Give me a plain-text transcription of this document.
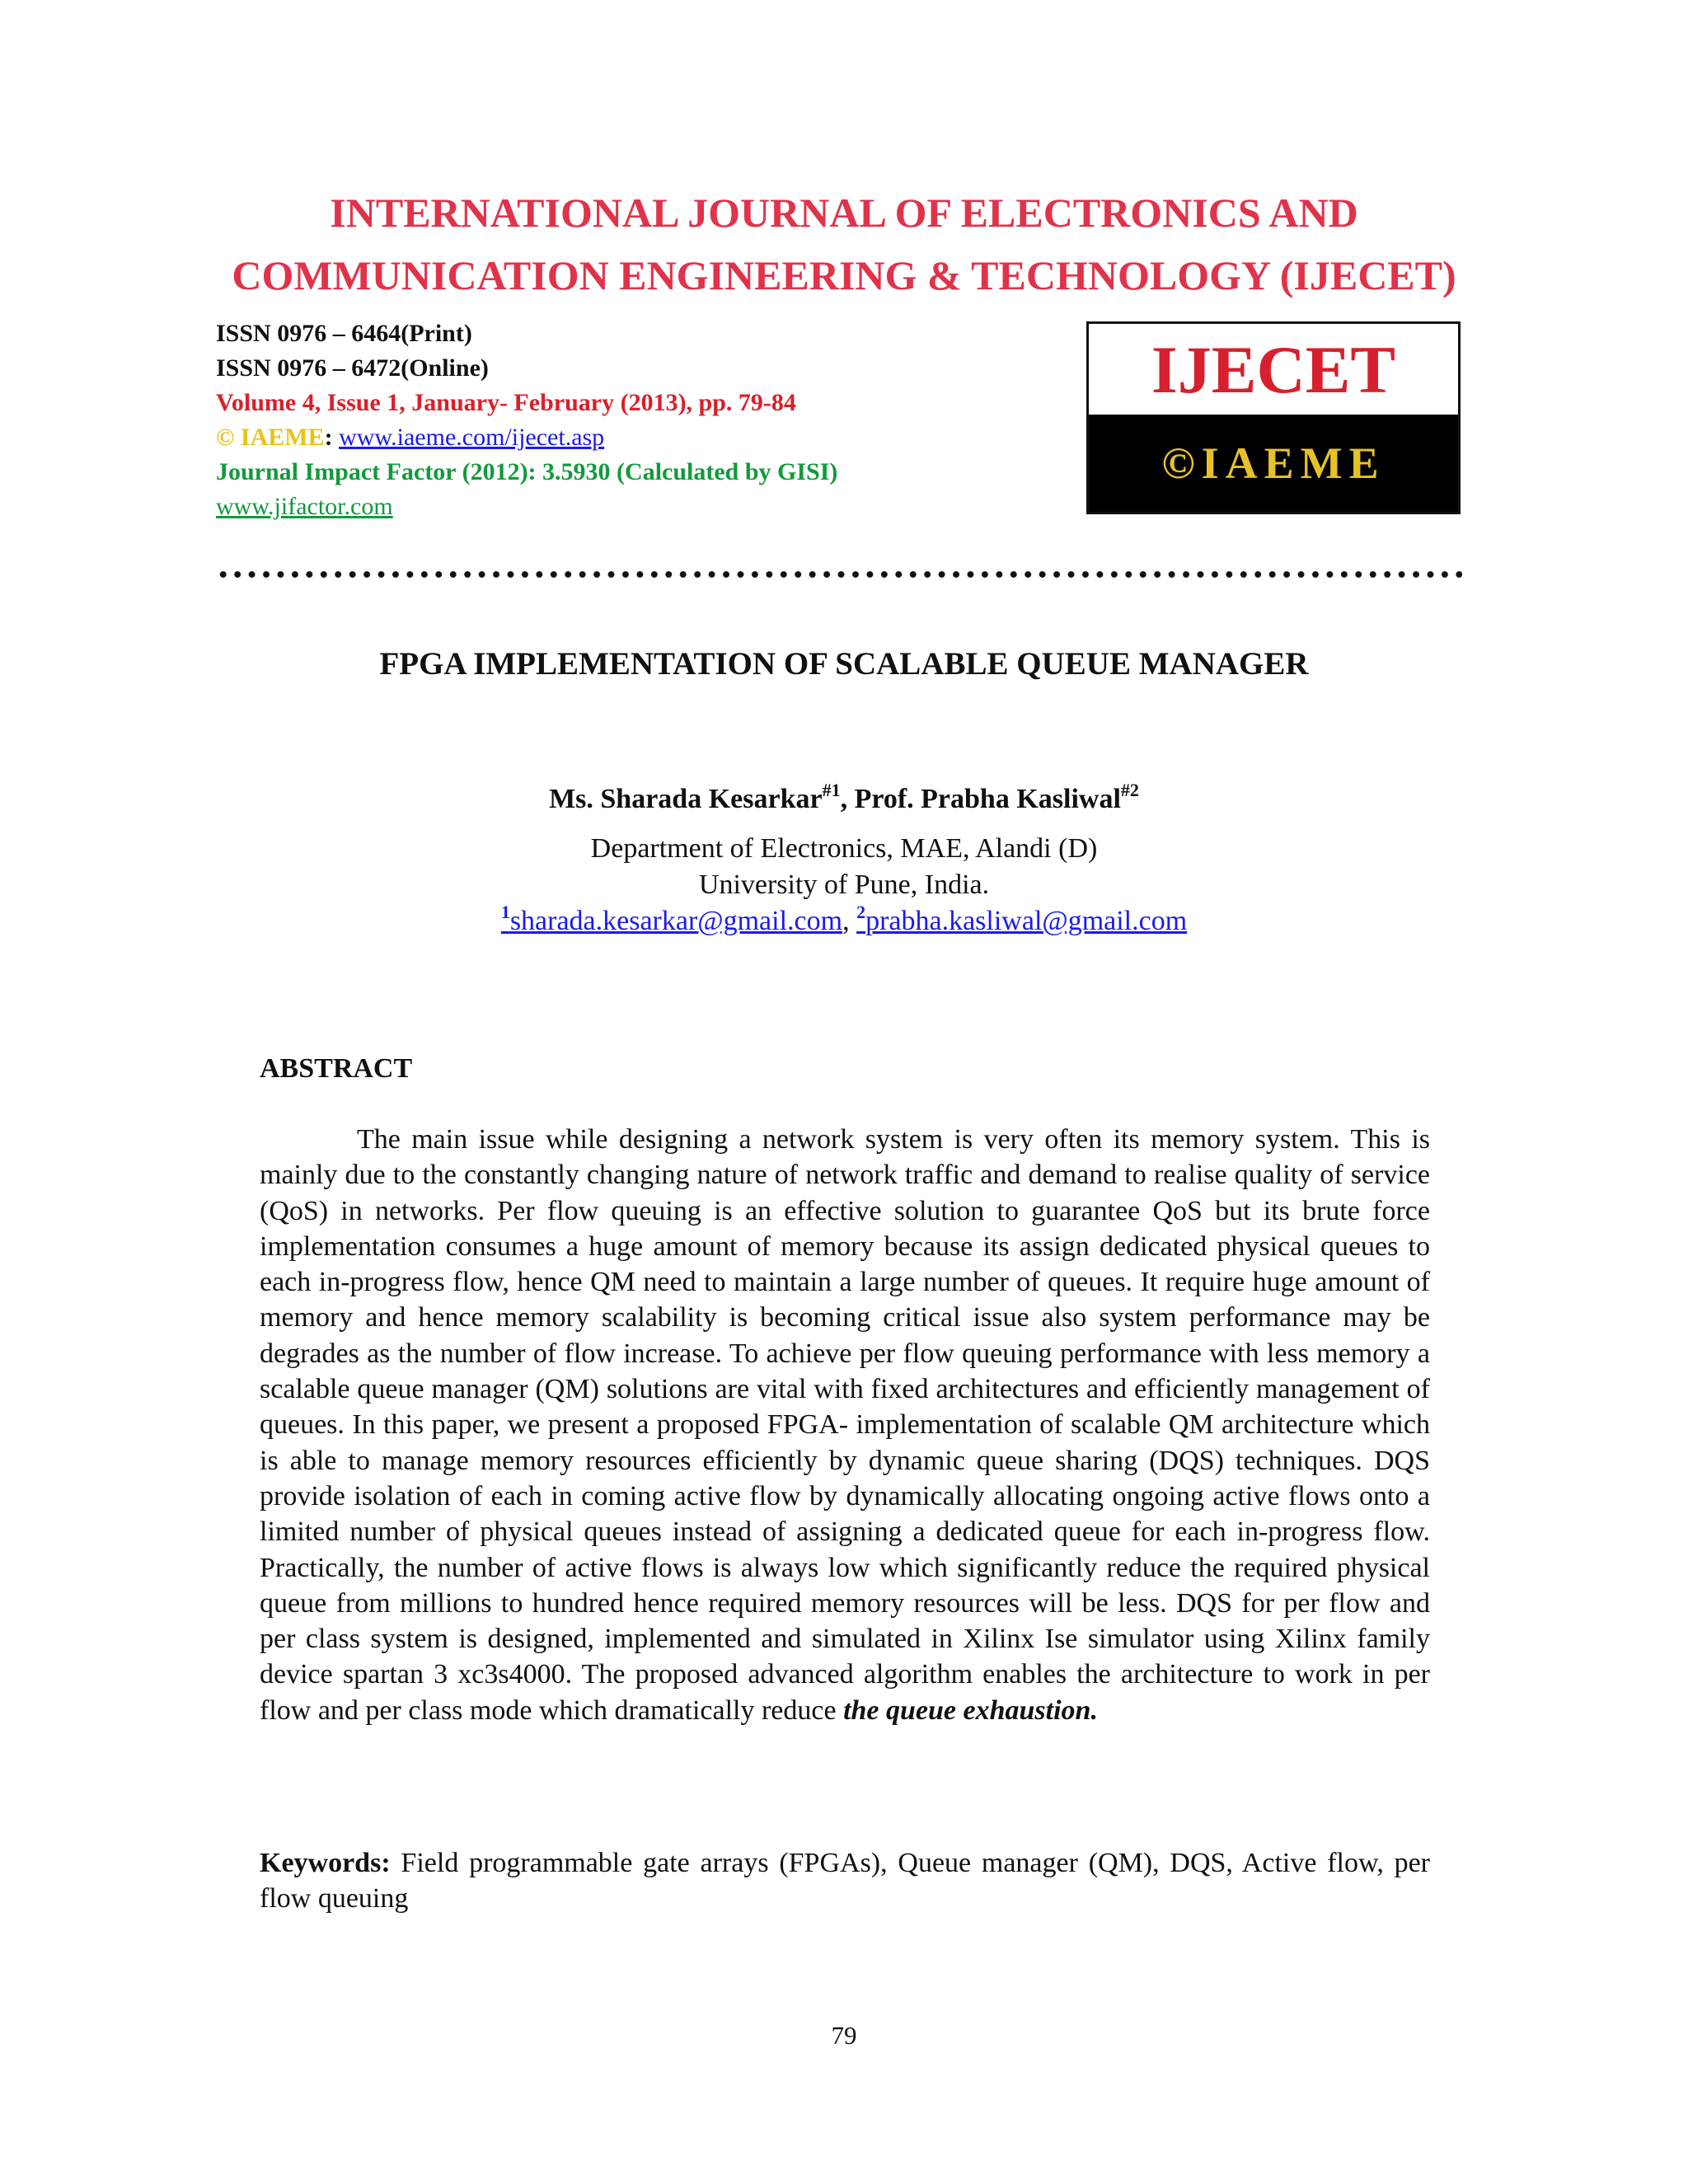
INTERNATIONAL JOURNAL OF ELECTRONICS AND
COMMUNICATION ENGINEERING & TECHNOLOGY (IJECET)
ISSN 0976 – 6464(Print)
ISSN 0976 – 6472(Online)
Volume 4, Issue 1, January- February (2013), pp. 79-84
© IAEME: www.iaeme.com/ijecet.asp
Journal Impact Factor (2012): 3.5930 (Calculated by GISI)
www.jifactor.com
IJECET
©IAEME
FPGA IMPLEMENTATION OF SCALABLE QUEUE MANAGER
Ms. Sharada Kesarkar$^{\#1}$, Prof. Prabha Kasliwal$^{\#2}$
Department of Electronics, MAE, Alandi (D)
University of Pune, India.
$^1$sharada.kesarkar@gmail.com, $^2$prabha.kasliwal@gmail.com
ABSTRACT

The main issue while designing a network system is very often its memory system. This is mainly due to the constantly changing nature of network traffic and demand to realise quality of service (QoS) in networks. Per flow queuing is an effective solution to guarantee QoS but its brute force implementation consumes a huge amount of memory because its assign dedicated physical queues to each in-progress flow, hence QM need to maintain a large number of queues. It require huge amount of memory and hence memory scalability is becoming critical issue also system performance may be degrades as the number of flow increase. To achieve per flow queuing performance with less memory a scalable queue manager (QM) solutions are vital with fixed architectures and efficiently management of queues. In this paper, we present a proposed FPGA- implementation of scalable QM architecture which is able to manage memory resources efficiently by dynamic queue sharing (DQS) techniques. DQS provide isolation of each in coming active flow by dynamically allocating ongoing active flows onto a limited number of physical queues instead of assigning a dedicated queue for each in-progress flow. Practically, the number of active flows is always low which significantly reduce the required physical queue from millions to hundred hence required memory resources will be less. DQS for per flow and per class system is designed, implemented and simulated in Xilinx Ise simulator using Xilinx family device spartan 3 xc3s4000. The proposed advanced algorithm enables the architecture to work in per flow and per class mode which dramatically reduce the queue exhaustion.

Keywords: Field programmable gate arrays (FPGAs), Queue manager (QM), DQS, Active flow, per flow queuing

79
